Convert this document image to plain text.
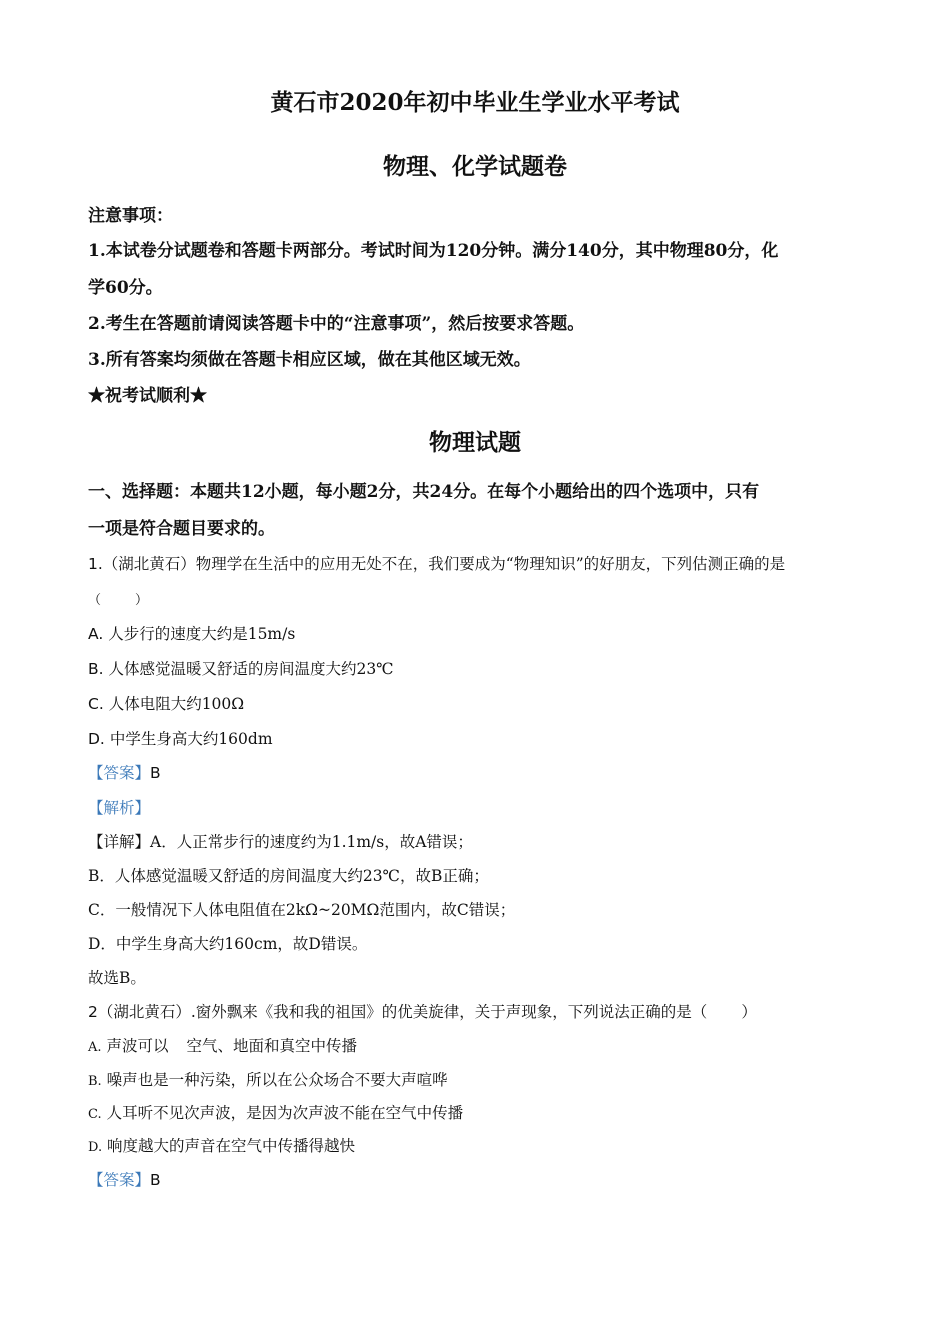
黄石市2020年初中毕业生学业水平考试
物理、化学试题卷
注意事项：
1.本试卷分试题卷和答题卡两部分。考试时间为120分钟。满分140分，其中物理80分，化
学60分。
2.考生在答题前请阅读答题卡中的“注意事项”，然后按要求答题。
3.所有答案均须做在答题卡相应区域，做在其他区域无效。
★祝考试顺利★
物理试题
一、选择题：本题共12小题，每小题2分，共24分。在每个小题给出的四个选项中，只有
一项是符合题目要求的。
1.（湖北黄石）物理学在生活中的应用无处不在，我们要成为“物理知识”的好朋友，下列估测正确的是
（	）
A. 人步行的速度大约是15m/s
B. 人体感觉温暖又舒适的房间温度大约23℃
C. 人体电阻大约100Ω
D. 中学生身高大约160dm
【答案】B
【解析】
【详解】A．人正常步行的速度约为1.1m/s，故A错误；
B．人体感觉温暖又舒适的房间温度大约23℃，故B正确；
C．一般情况下人体电阻值在2kΩ~20MΩ范围内，故C错误；
D．中学生身高大约160cm，故D错误。
故选B。
2（湖北黄石）.窗外飘来《我和我的祖国》的优美旋律，关于声现象，下列说法正确的是（ ）
A. 声波可以 空气、地面和真空中传播
B. 噪声也是一种污染，所以在公众场合不要大声喧哗
C. 人耳听不见次声波，是因为次声波不能在空气中传播
D. 响度越大的声音在空气中传播得越快
【答案】B
